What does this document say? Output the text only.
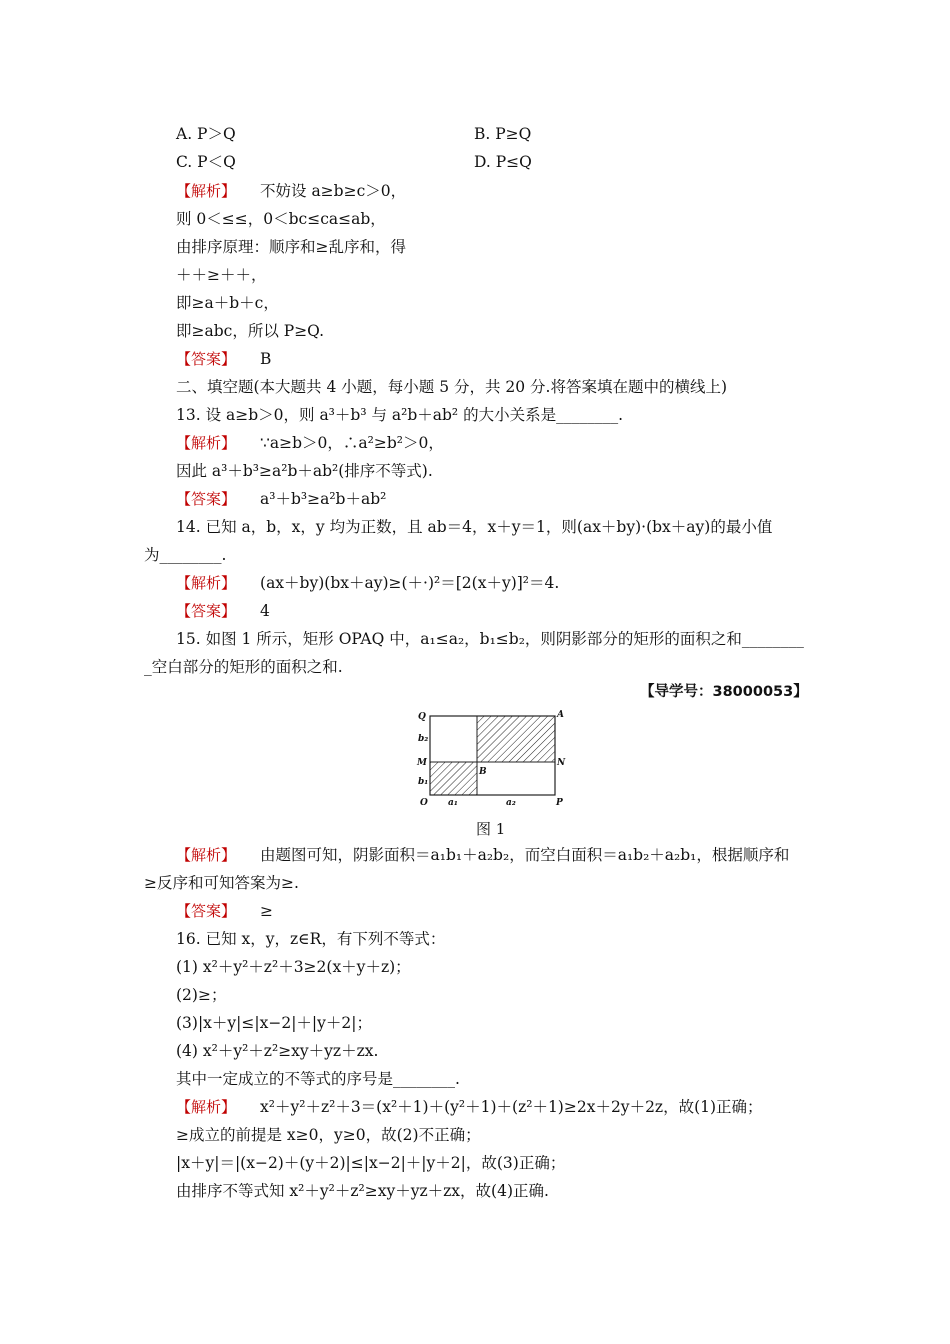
A. P＞Q	B. P≥Q
C. P＜Q	D. P≤Q
【解析】 不妨设 a≥b≥c＞0，
则 0＜≤≤，0＜bc≤ca≤ab，
由排序原理：顺序和≥乱序和，得
＋＋≥＋＋，
即≥a＋b＋c，
即≥abc，所以 P≥Q.
【答案】 B
二、填空题(本大题共 4 小题，每小题 5 分，共 20 分.将答案填在题中的横线上)
13. 设 a≥b＞0，则 a³＋b³ 与 a²b＋ab² 的大小关系是________.
【解析】 ∵a≥b＞0，∴a²≥b²＞0，
因此 a³＋b³≥a²b＋ab²(排序不等式).
【答案】 a³＋b³≥a²b＋ab²
14. 已知 a，b，x，y 均为正数，且 ab＝4，x＋y＝1，则(ax＋by)·(bx＋ay)的最小值
为________.
【解析】 (ax＋by)(bx＋ay)≥(＋·)²＝[2(x＋y)]²＝4.
【答案】 4
15. 如图 1 所示，矩形 OPAQ 中，a₁≤a₂，b₁≤b₂，则阴影部分的矩形的面积之和________
_空白部分的矩形的面积之和.
【导学号：38000053】
Q	A
b₂
M
B
N
b₁
O a₁	a₂	P
图 1
【解析】 由题图可知，阴影面积＝a₁b₁＋a₂b₂，而空白面积＝a₁b₂＋a₂b₁，根据顺序和
≥反序和可知答案为≥.
【答案】 ≥
16. 已知 x，y，z∈R，有下列不等式：
(1) x²＋y²＋z²＋3≥2(x＋y＋z)；
(2)≥；
(3)|x＋y|≤|x−2|＋|y＋2|；
(4) x²＋y²＋z²≥xy＋yz＋zx.
其中一定成立的不等式的序号是________.
【解析】 x²＋y²＋z²＋3＝(x²＋1)＋(y²＋1)＋(z²＋1)≥2x＋2y＋2z，故(1)正确；
≥成立的前提是 x≥0，y≥0，故(2)不正确；
|x＋y|＝|(x−2)＋(y＋2)|≤|x−2|＋|y＋2|，故(3)正确；
由排序不等式知 x²＋y²＋z²≥xy＋yz＋zx，故(4)正确.
